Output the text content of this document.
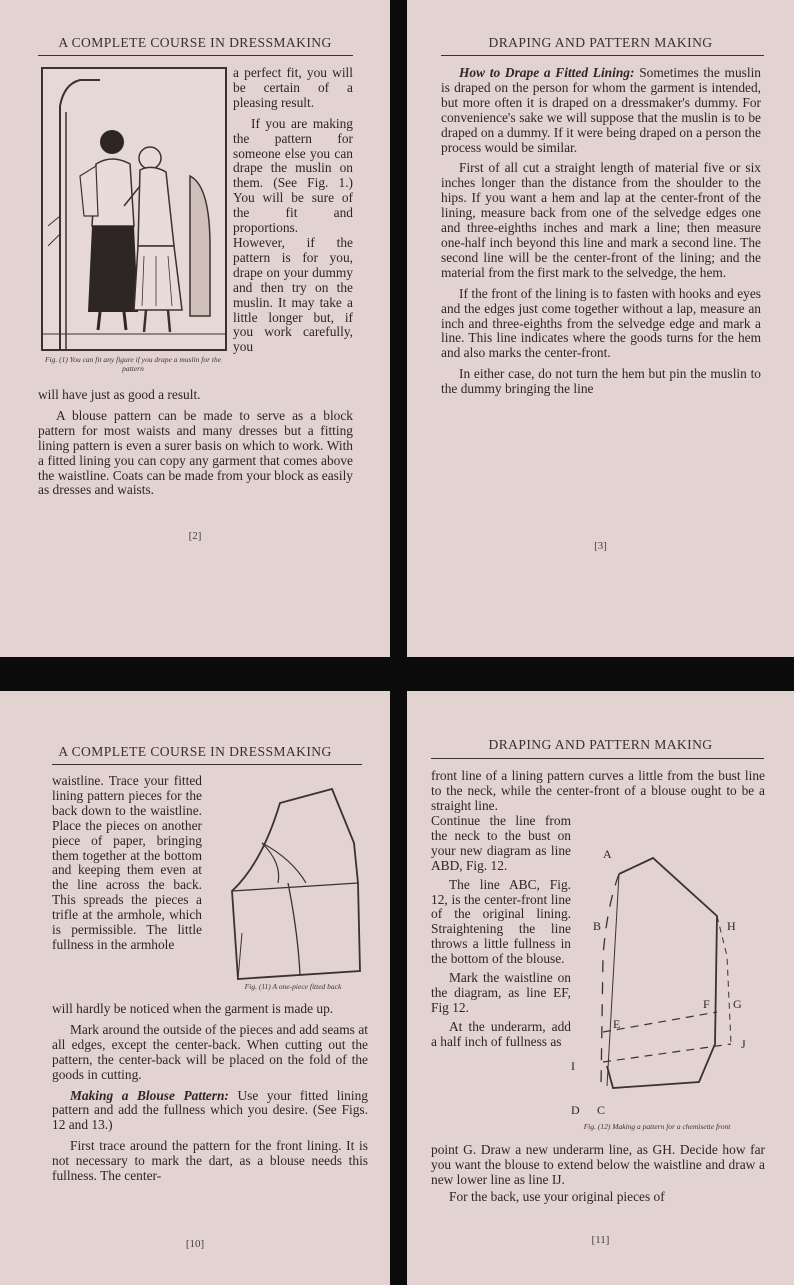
A COMPLETE COURSE IN DRESSMAKING
Fig. (1) You can fit any figure if you drape a muslin for the pattern

a perfect fit, you will be certain of a pleasing result.

If you are making the pattern for someone else you can drape the muslin on them. (See Fig. 1.) You will be sure of the fit and proportions. However, if the pattern is for you, drape on your dummy and then try on the muslin. It may take a little longer but, if you work carefully, you

will have just as good a result.

A blouse pattern can be made to serve as a block pattern for most waists and many dresses but a fitting lining pattern is even a surer basis on which to work. With a fitted lining you can copy any garment that comes above the waistline. Coats can be made from your block as easily as dresses and waists.

[2]
DRAPING AND PATTERN MAKING

How to Drape a Fitted Lining: Sometimes the muslin is draped on the person for whom the garment is intended, but more often it is draped on a dressmaker's dummy. For convenience's sake we will suppose that the muslin is to be draped on a dummy. If it were being draped on a person the process would be similar.

First of all cut a straight length of material five or six inches longer than the distance from the shoulder to the hips. If you want a hem and lap at the center-front of the lining, measure back from one of the selvedge edges one and three-eighths inches and mark a line; then measure one-half inch beyond this line and mark a second line. The second line will be the center-front of the lining; and the material from the first mark to the selvedge, the hem.

If the front of the lining is to fasten with hooks and eyes and the edges just come together without a lap, measure an inch and three-eighths from the selvedge edge and mark a line. This line indicates where the goods turns for the hem and also marks the center-front.

In either case, do not turn the hem but pin the muslin to the dummy bringing the line

[3]
A COMPLETE COURSE IN DRESSMAKING

waistline. Trace your fitted lining pattern pieces for the back down to the waistline. Place the pieces on another piece of paper, bringing them together at the bottom and keeping them even at the line across the back. This spreads the pieces a trifle at the armhole, which is permissible. The little fullness in the armhole

Fig. (11) A one-piece fitted back

will hardly be noticed when the garment is made up.

Mark around the outside of the pieces and add seams at all edges, except the center-back. When cutting out the pattern, the center-back will be placed on the fold of the goods in cutting.

Making a Blouse Pattern: Use your fitted lining pattern and add the fullness which you desire. (See Figs. 12 and 13.)

First trace around the pattern for the front lining. It is not necessary to mark the dart, as a blouse needs this fullness. The center-

[10]
DRAPING AND PATTERN MAKING

front line of a lining pattern curves a little from the bust line to the neck, while the center-front of a blouse ought to be a straight line.

Continue the line from the neck to the bust on your new diagram as line ABD, Fig. 12.

The line ABC, Fig. 12, is the center-front line of the original lining. Straightening the line throws a little fullness in the bottom of the blouse.

Mark the waistline on the diagram, as line EF, Fig 12.

At the underarm, add a half inch of fullness as

A
B	H
E
F G
I
J
D C
Fig. (12) Making a pattern for a chemisette front

point G. Draw a new underarm line, as GH. Decide how far you want the blouse to extend below the waistline and draw a new lower line as line IJ.

For the back, use your original pieces of

[11]
